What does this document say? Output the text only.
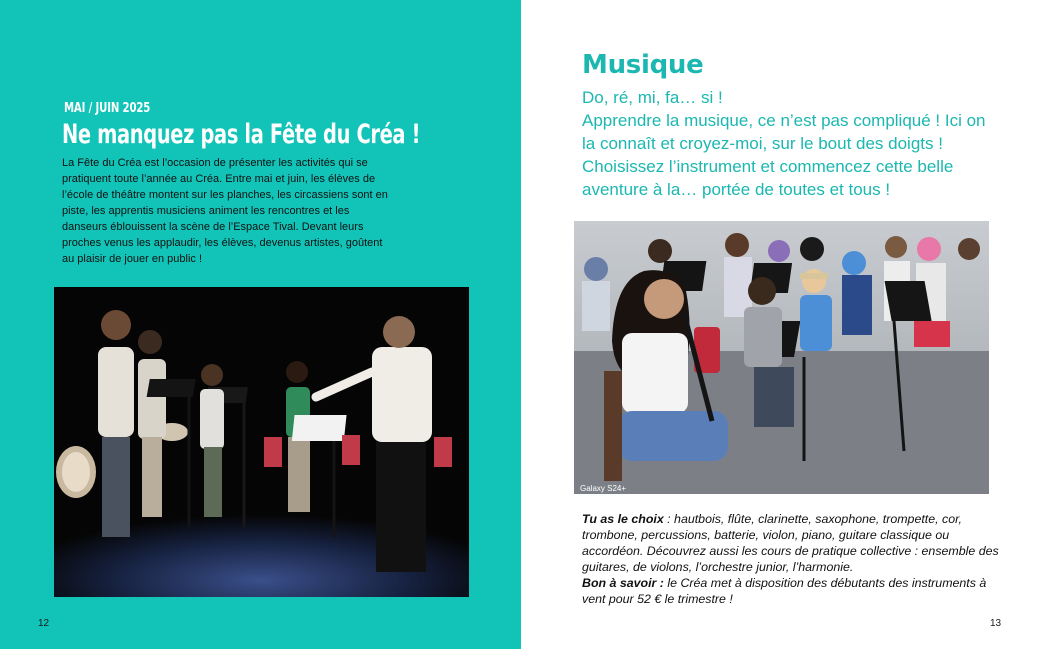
MAI / JUIN 2025
Ne manquez pas la Fête du Créa !
La Fête du Créa est l’occasion de présenter les activités qui se pratiquent toute l’année au Créa. Entre mai et juin, les élèves de l’école de théâtre montent sur les planches, les circassiens sont en piste, les apprentis musiciens animent les rencontres et les danseurs éblouissent la scène de l’Espace Tival. Devant leurs proches venus les applaudir, les élèves, devenus artistes, goûtent au plaisir de jouer en public !
12
Musique
Do, ré, mi, fa… si !
Apprendre la musique, ce n’est pas compliqué ! Ici on la connaît et croyez-moi, sur le bout des doigts ! Choisissez l’instrument et commencez cette belle aventure à la… portée de toutes et tous !
Galaxy S24+

Tu as le choix : hautbois, flûte, clarinette, saxophone, trompette, cor, trombone, percussions, batterie, violon, piano, guitare classique ou accordéon. Découvrez aussi les cours de pratique collective : ensemble des guitares, de violons, l’orchestre junior, l’harmonie.

Bon à savoir : le Créa met à disposition des débutants des instruments à vent pour 52 € le trimestre !

13
